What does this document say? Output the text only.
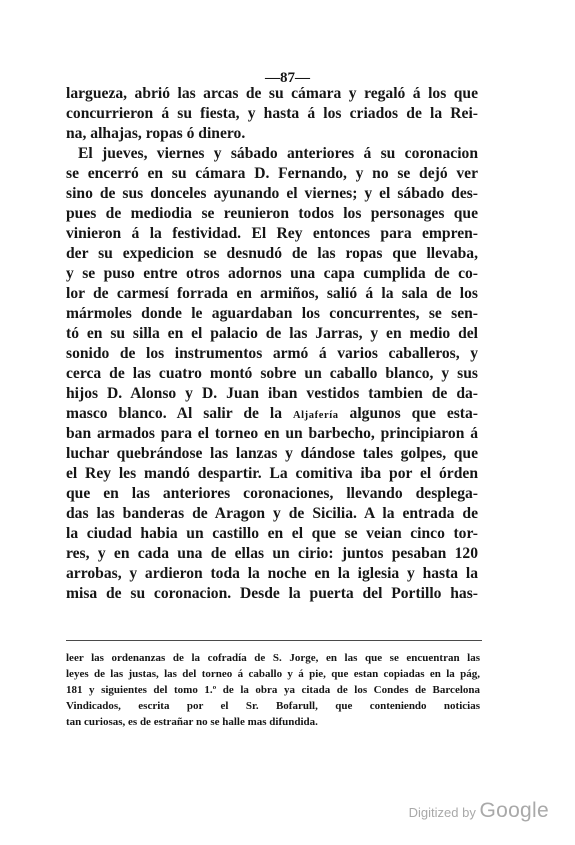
—87—
largueza, abrió las arcas de su cámara y regaló á los que
concurrieron á su fiesta, y hasta á los criados de la Rei-
na, alhajas, ropas ó dinero.
El jueves, viernes y sábado anteriores á su coronacion
se encerró en su cámara D. Fernando, y no se dejó ver
sino de sus donceles ayunando el viernes; y el sábado des-
pues de mediodia se reunieron todos los personages que
vinieron á la festividad. El Rey entonces para empren-
der su expedicion se desnudó de las ropas que llevaba,
y se puso entre otros adornos una capa cumplida de co-
lor de carmesí forrada en armiños, salió á la sala de los
mármoles donde le aguardaban los concurrentes, se sen-
tó en su silla en el palacio de las Jarras, y en medio del
sonido de los instrumentos armó á varios caballeros, y
cerca de las cuatro montó sobre un caballo blanco, y sus
hijos D. Alonso y D. Juan iban vestidos tambien de da-
masco blanco. Al salir de la Aljafería algunos que esta-
ban armados para el torneo en un barbecho, principiaron á
luchar quebrándose las lanzas y dándose tales golpes, que
el Rey les mandó despartir. La comitiva iba por el órden
que en las anteriores coronaciones, llevando desplega-
das las banderas de Aragon y de Sicilia. A la entrada de
la ciudad habia un castillo en el que se veian cinco tor-
res, y en cada una de ellas un cirio: juntos pesaban 120
arrobas, y ardieron toda la noche en la iglesia y hasta la
misa de su coronacion. Desde la puerta del Portillo has-
leer las ordenanzas de la cofradía de S. Jorge, en las que se encuentran las
leyes de las justas, las del torneo á caballo y á pie, que estan copiadas en la pág,
181 y siguientes del tomo 1.º de la obra ya citada de los Condes de Barcelona
Vindicados, escrita por el Sr. Bofarull, que conteniendo noticias
tan curiosas, es de estrañar no se halle mas difundida.
Digitized by Google
